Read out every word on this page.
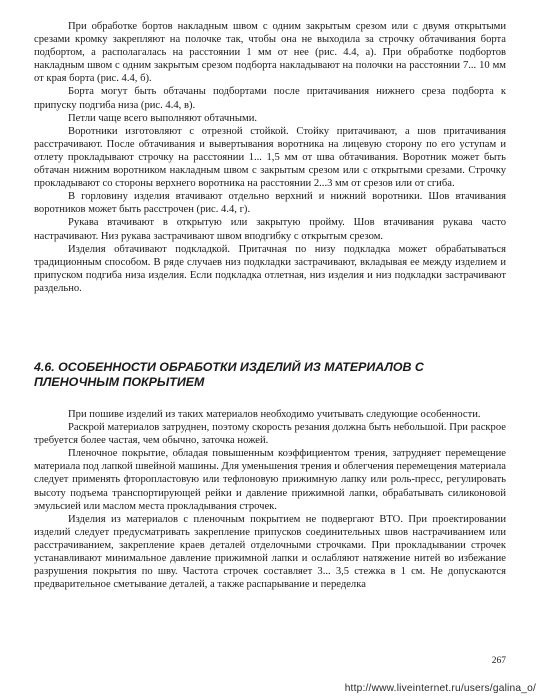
При обработке бортов накладным швом с одним закрытым срезом или с двумя открытыми срезами кромку закрепляют на полочке так, чтобы она не выходила за строчку обтачивания борта подбортом, а располагалась на расстоянии 1 мм от нее (рис. 4.4, а). При обработке подбортов накладным швом с одним закрытым срезом подборта накладывают на полочки на расстоянии 7... 10 мм от края борта (рис. 4.4, б).

Борта могут быть обтачаны подбортами после притачивания нижнего среза подборта к припуску подгиба низа (рис. 4.4, в).

Петли чаще всего выполняют обтачными.

Воротники изготовляют с отрезной стойкой. Стойку притачивают, а шов притачивания расстрачивают. После обтачивания и вывертывания воротника на лицевую сторону по его уступам и отлету прокладывают строчку на расстоянии 1... 1,5 мм от шва обтачивания. Воротник может быть обтачан нижним воротником накладным швом с закрытым срезом или с открытыми срезами. Строчку прокладывают со стороны верхнего воротника на расстоянии 2...3 мм от срезов или от сгиба.

В горловину изделия втачивают отдельно верхний и нижний воротники. Шов втачивания воротников может быть расстрочен (рис. 4.4, г).

Рукава втачивают в открытую или закрытую пройму. Шов втачивания рукава часто настрачивают. Низ рукава застрачивают швом вподгибку с открытым срезом.

Изделия обтачивают подкладкой. Притачная по низу подкладка может обрабатываться традиционным способом. В ряде случаев низ подкладки застрачивают, вкладывая ее между изделием и припуском подгиба низа изделия. Если подкладка отлетная, низ изделия и низ подкладки застрачивают раздельно.

4.6. ОСОБЕННОСТИ ОБРАБОТКИ ИЗДЕЛИЙ ИЗ МАТЕРИАЛОВ С ПЛЕНОЧНЫМ ПОКРЫТИЕМ

При пошиве изделий из таких материалов необходимо учитывать следующие особенности.

Раскрой материалов затруднен, поэтому скорость резания должна быть небольшой. При раскрое требуется более частая, чем обычно, заточка ножей.

Пленочное покрытие, обладая повышенным коэффициентом трения, затрудняет перемещение материала под лапкой швейной машины. Для уменьшения трения и облегчения перемещения материала следует применять фторопластовую или тефлоновую прижимную лапку или роль-пресс, регулировать высоту подъема транспортирующей рейки и давление прижимной лапки, обрабатывать силиконовой эмульсией или маслом места прокладывания строчек.

Изделия из материалов с пленочным покрытием не подвергают ВТО. При проектировании изделий следует предусматривать закрепление припусков соединительных швов настрачиванием или расстрачиванием, закрепление краев деталей отделочными строчками. При прокладывании строчек устанавливают минимальное давление прижимной лапки и ослабляют натяжение нитей во избежание разрушения покрытия по шву. Частота строчек составляет 3... 3,5 стежка в 1 см. Не допускаются предварительное сметывание деталей, а также распарывание и переделка

267
http://www.liveinternet.ru/users/galina_o/
